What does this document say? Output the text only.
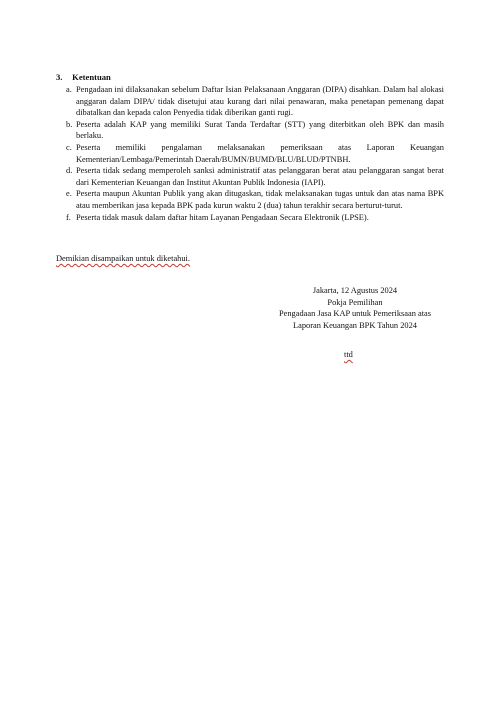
3. Ketentuan
a. Pengadaan ini dilaksanakan sebelum Daftar Isian Pelaksanaan Anggaran (DIPA) disahkan. Dalam hal alokasi anggaran dalam DIPA/ tidak disetujui atau kurang dari nilai penawaran, maka penetapan pemenang dapat dibatalkan dan kepada calon Penyedia tidak diberikan ganti rugi.
b. Peserta adalah KAP yang memiliki Surat Tanda Terdaftar (STT) yang diterbitkan oleh BPK dan masih berlaku.
c. Peserta memiliki pengalaman melaksanakan pemeriksaan atas Laporan Keuangan Kementerian/Lembaga/Pemerintah Daerah/BUMN/BUMD/BLU/BLUD/PTNBH.
d. Peserta tidak sedang memperoleh sanksi administratif atas pelanggaran berat atau pelanggaran sangat berat dari Kementerian Keuangan dan Institut Akuntan Publik Indonesia (IAPI).
e. Peserta maupun Akuntan Publik yang akan ditugaskan, tidak melaksanakan tugas untuk dan atas nama BPK atau memberikan jasa kepada BPK pada kurun waktu 2 (dua) tahun terakhir secara berturut-turut.
f. Peserta tidak masuk dalam daftar hitam Layanan Pengadaan Secara Elektronik (LPSE).
Demikian disampaikan untuk diketahui.
Jakarta, 12 Agustus 2024
Pokja Pemilihan
Pengadaan Jasa KAP untuk Pemeriksaan atas
Laporan Keuangan BPK Tahun 2024
ttd
